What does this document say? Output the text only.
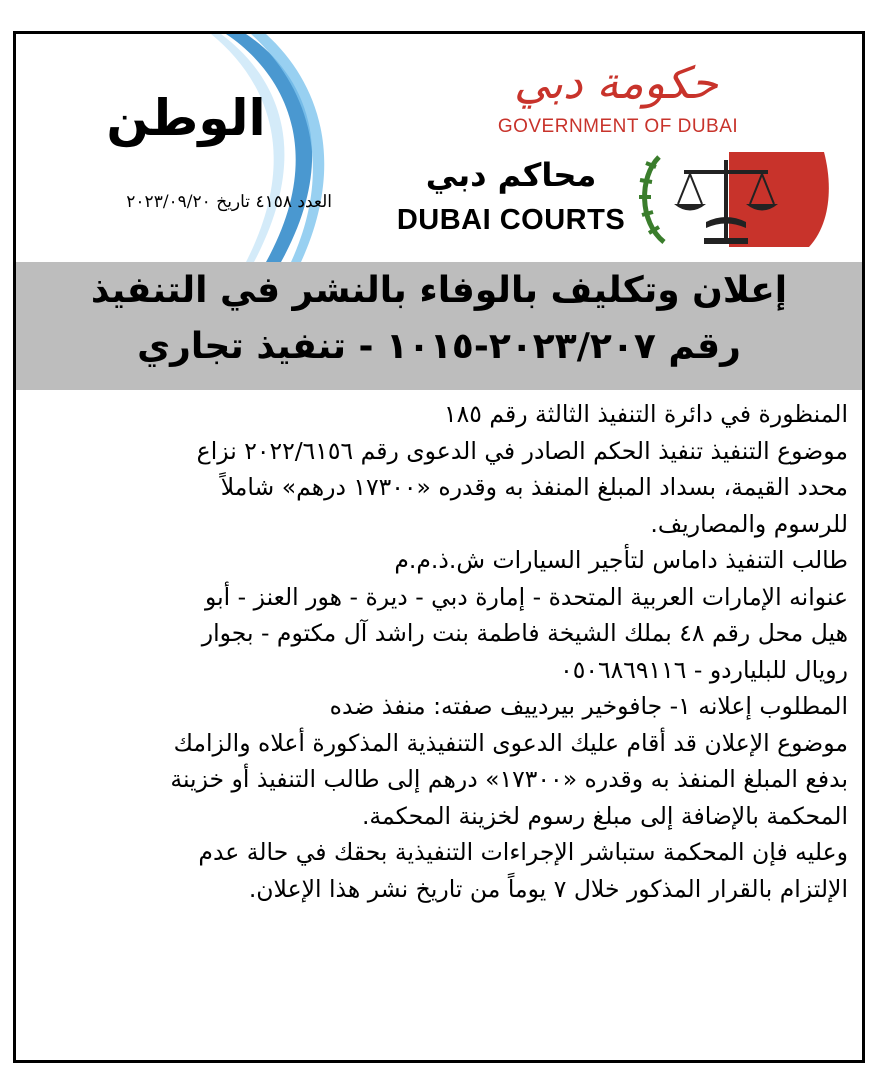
الوطن
العدد ٤١٥٨ تاريخ ٢٠٢٣/٠٩/٢٠
حكومة دبي
GOVERNMENT OF DUBAI
محاكم دبي
DUBAI COURTS
إعلان وتكليف بالوفاء بالنشر في التنفيذ
رقم ٢٠٢٣/٢٠٧-١٠١٥ - تنفيذ تجاري
المنظورة في دائرة التنفيذ الثالثة رقم ١٨٥
موضوع التنفيذ تنفيذ الحكم الصادر في الدعوى رقم ٢٠٢٢/٦١٥٦ نزاع
محدد القيمة، بسداد المبلغ المنفذ به وقدره «١٧٣٠٠ درهم» شاملاً
للرسوم والمصاريف.
طالب التنفيذ داماس لتأجير السيارات ش.ذ.م.م
عنوانه الإمارات العربية المتحدة - إمارة دبي - ديرة - هور العنز - أبو
هيل محل رقم ٤٨ بملك الشيخة فاطمة بنت راشد آل مكتوم - بجوار
رويال للبلياردو - ٠٥٠٦٨٦٩١١٦
المطلوب إعلانه ١- جافوخير بيردييف صفته: منفذ ضده
موضوع الإعلان قد أقام عليك الدعوى التنفيذية المذكورة أعلاه والزامك
بدفع المبلغ المنفذ به وقدره «١٧٣٠٠» درهم إلى طالب التنفيذ أو خزينة
المحكمة بالإضافة إلى مبلغ رسوم لخزينة المحكمة.
وعليه فإن المحكمة ستباشر الإجراءات التنفيذية بحقك في حالة عدم
الإلتزام بالقرار المذكور خلال ٧ يوماً من تاريخ نشر هذا الإعلان.
